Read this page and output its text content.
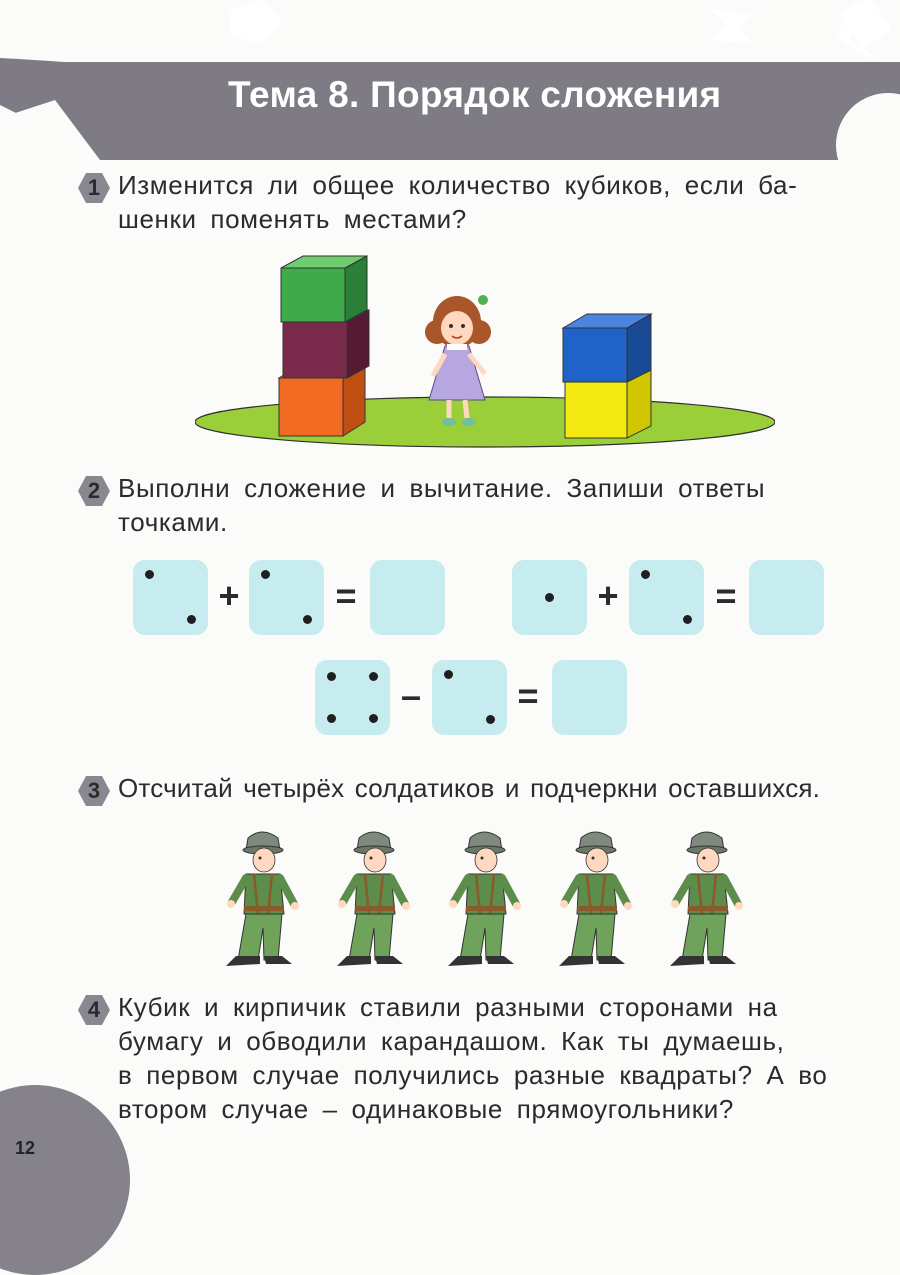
Тема 8. Порядок сложения
1 Изменится ли общее количество кубиков, если ба-
шенки поменять местами?
2 Выполни сложение и вычитание. Запиши ответы
точками.
+	=	+	=
–	=
3 Отсчитай четырёх солдатиков и подчеркни оставшихся.
4 Кубик и кирпичик ставили разными сторонами на
бумагу и обводили карандашом. Как ты думаешь,
в первом случае получились разные квадраты? А во
втором случае – одинаковые прямоугольники?
12
